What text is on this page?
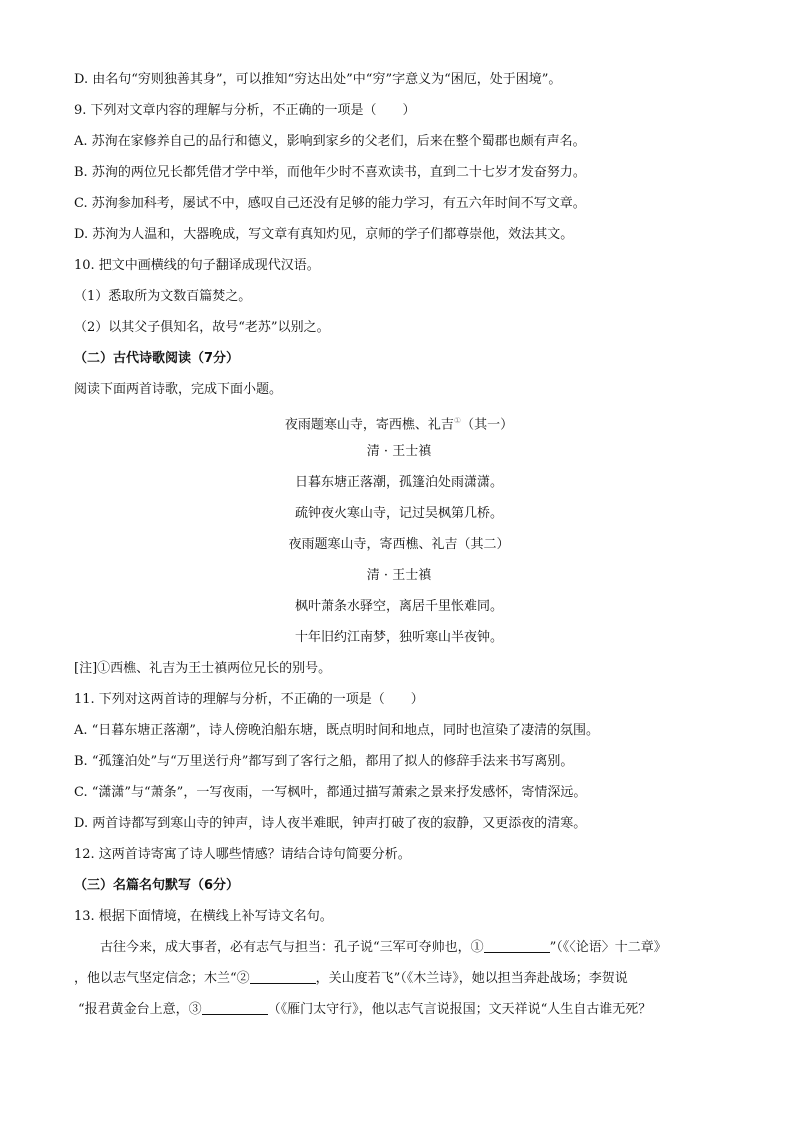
D. 由名句“穷则独善其身”，可以推知“穷达出处”中“穷”字意义为“困厄，处于困境”。
9. 下列对文章内容的理解与分析，不正确的一项是（　　）
A. 苏洵在家修养自己的品行和德义，影响到家乡的父老们，后来在整个蜀郡也颇有声名。
B. 苏洵的两位兄长都凭借才学中举，而他年少时不喜欢读书，直到二十七岁才发奋努力。
C. 苏洵参加科考，屡试不中，感叹自己还没有足够的能力学习，有五六年时间不写文章。
D. 苏洵为人温和，大器晚成，写文章有真知灼见，京师的学子们都尊崇他，效法其文。
10. 把文中画横线的句子翻译成现代汉语。
（1）悉取所为文数百篇焚之。
（2）以其父子俱知名，故号“老苏”以别之。
（二）古代诗歌阅读（7分）
阅读下面两首诗歌，完成下面小题。
夜雨题寒山寺，寄西樵、礼吉①（其一）
清 · 王士禛
日暮东塘正落潮，孤篷泊处雨潇潇。
疏钟夜火寒山寺，记过吴枫第几桥。
夜雨题寒山寺，寄西樵、礼吉（其二）
清 · 王士禛
枫叶萧条水驿空，离居千里怅难同。
十年旧约江南梦，独听寒山半夜钟。
[注]①西樵、礼吉为王士禛两位兄长的别号。
11. 下列对这两首诗的理解与分析，不正确的一项是（　　）
A. “日暮东塘正落潮”，诗人傍晚泊船东塘，既点明时间和地点，同时也渲染了凄清的氛围。
B. “孤篷泊处”与“万里送行舟”都写到了客行之船，都用了拟人的修辞手法来书写离别。
C. “潇潇”与“萧条”，一写夜雨，一写枫叶，都通过描写萧索之景来抒发感怀，寄情深远。
D. 两首诗都写到寒山寺的钟声，诗人夜半难眠，钟声打破了夜的寂静，又更添夜的清寒。
12. 这两首诗寄寓了诗人哪些情感？请结合诗句简要分析。
（三）名篇名句默写（6分）
13. 根据下面情境，在横线上补写诗文名句。
古往今来，成大事者，必有志气与担当：孔子说“三军可夺帅也，①	”（《〈论语〉十二章》
，他以志气坚定信念；木兰“②	，关山度若飞”（《木兰诗》，她以担当奔赴战场；李贺说
“报君黄金台上意，③	（《雁门太守行》，他以志气言说报国；文天祥说“人生自古谁无死？
